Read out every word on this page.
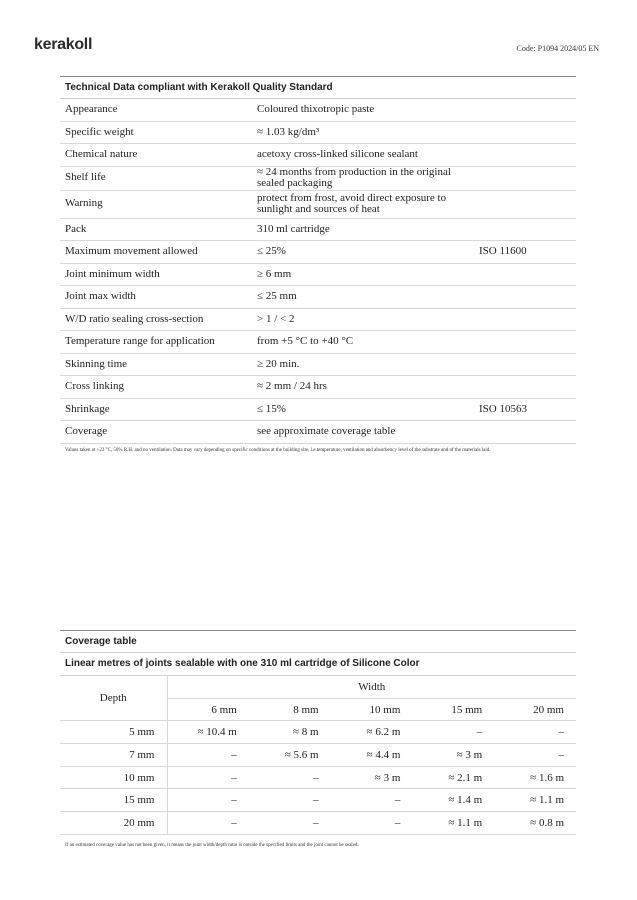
kerakoll	Code: P1094 2024/05 EN
Technical Data compliant with Kerakoll Quality Standard
Appearance	Coloured thixotropic paste	
Specific weight	≈ 1.03 kg/dm³	
Chemical nature	acetoxy cross-linked silicone sealant	
Shelf life	≈ 24 months from production in the original sealed packaging	
Warning	protect from frost, avoid direct exposure to sunlight and sources of heat	
Pack	310 ml cartridge	
Maximum movement allowed	≤ 25%	ISO 11600
Joint minimum width	≥ 6 mm	
Joint max width	≤ 25 mm	
W/D ratio sealing cross-section	> 1 / < 2	
Temperature range for application	from +5 °C to +40 °C	
Skinning time	≥ 20 min.	
Cross linking	≈ 2 mm / 24 hrs	
Shrinkage	≤ 15%	ISO 10563
Coverage	see approximate coverage table	
Values taken at +23 °C, 50% R.H. and no ventilation. Data may vary depending on specific conditions at the building site, i.e.temperature, ventilation and absorbency level of the substrate and of the materials laid.
Coverage table
Linear metres of joints sealable with one 310 ml cartridge of Silicone Color
Depth	Width				
	6 mm	8 mm	10 mm	15 mm	20 mm
5 mm	≈ 10.4 m	≈ 8 m	≈ 6.2 m	–	–
7 mm	–	≈ 5.6 m	≈ 4.4 m	≈ 3 m	–
10 mm	–	–	≈ 3 m	≈ 2.1 m	≈ 1.6 m
15 mm	–	–	–	≈ 1.4 m	≈ 1.1 m
20 mm	–	–	–	≈ 1.1 m	≈ 0.8 m
If an estimated coverage value has not been given, it means the joint width/depth ratio is outside the specified limits and the joint cannot be sealed.
